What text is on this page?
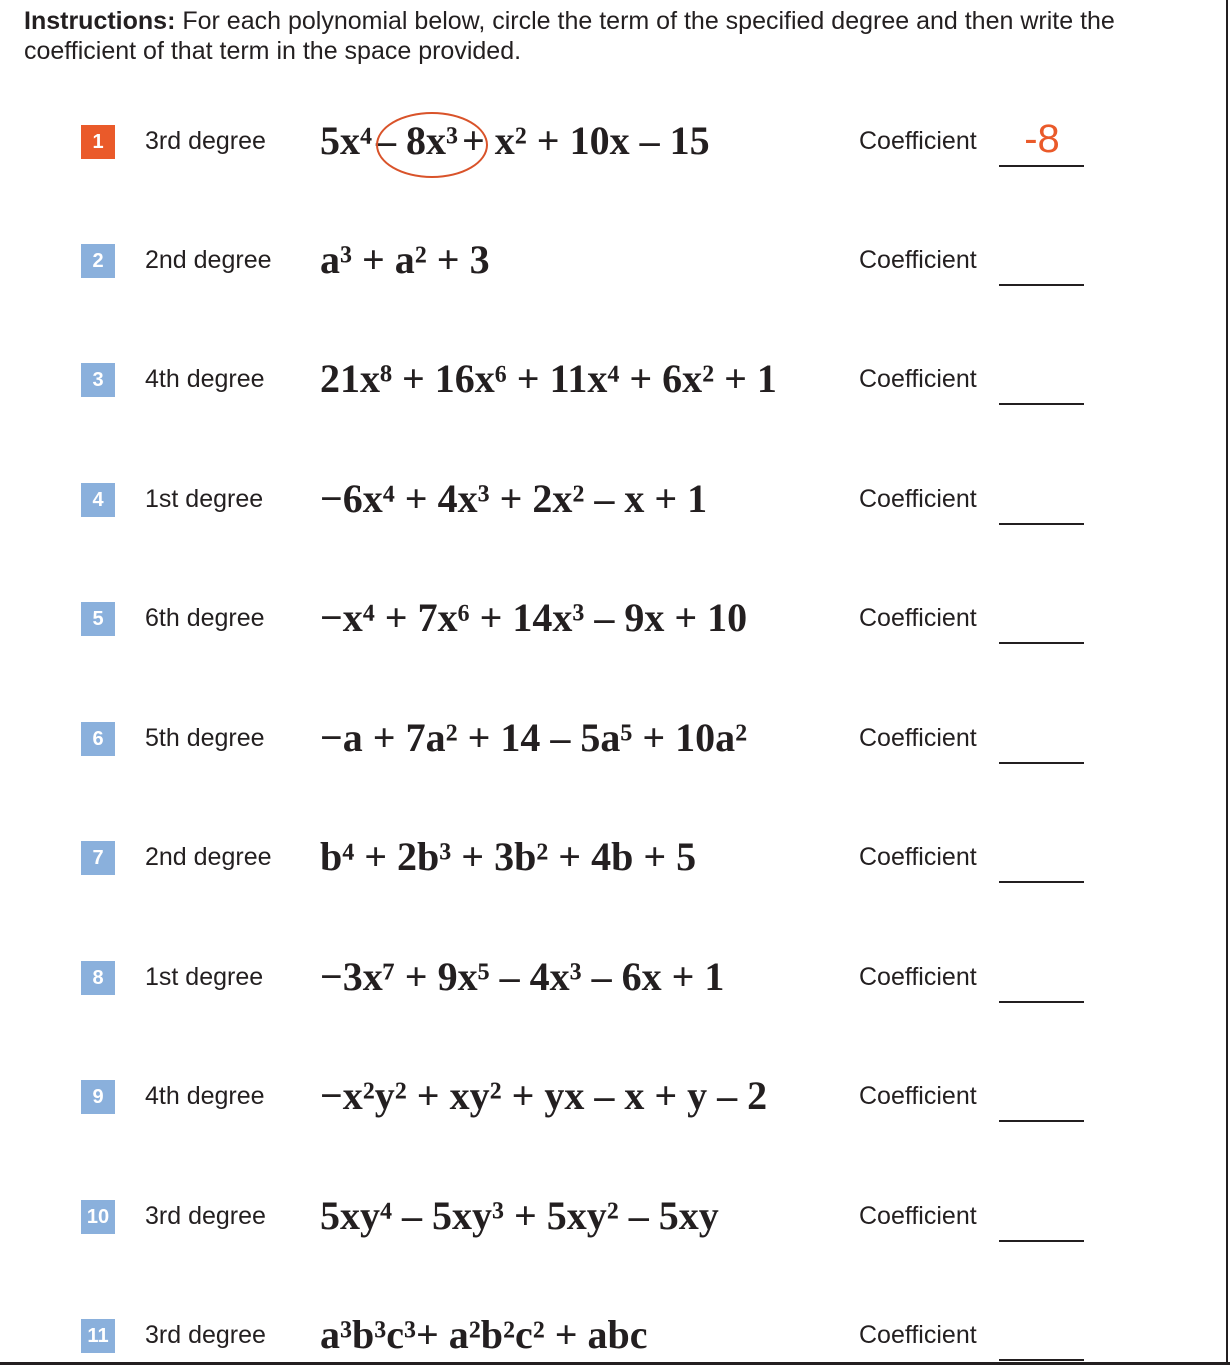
Instructions: For each polynomial below, circle the term of the specified degree and then write the coefficient of that term in the space provided.
1	3rd degree 5x⁴ – 8x³ + x² + 10x – 15	Coefficient	-8
2	2nd degree a³ + a² + 3	Coefficient
3	4th degree 21x⁸ + 16x⁶ + 11x⁴ + 6x² + 1	Coefficient
4	1st degree −6x⁴ + 4x³ + 2x² – x + 1	Coefficient
5	6th degree −x⁴ + 7x⁶ + 14x³ – 9x + 10	Coefficient
6	5th degree −a + 7a² + 14 – 5a⁵ + 10a²	Coefficient
7	2nd degree b⁴ + 2b³ + 3b² + 4b + 5	Coefficient
8	1st degree −3x⁷ + 9x⁵ – 4x³ – 6x + 1	Coefficient
9	4th degree −x²y² + xy² + yx – x + y – 2	Coefficient
10 3rd degree 5xy⁴ – 5xy³ + 5xy² – 5xy	Coefficient
11 3rd degree a³b³c³+ a²b²c² + abc	Coefficient
